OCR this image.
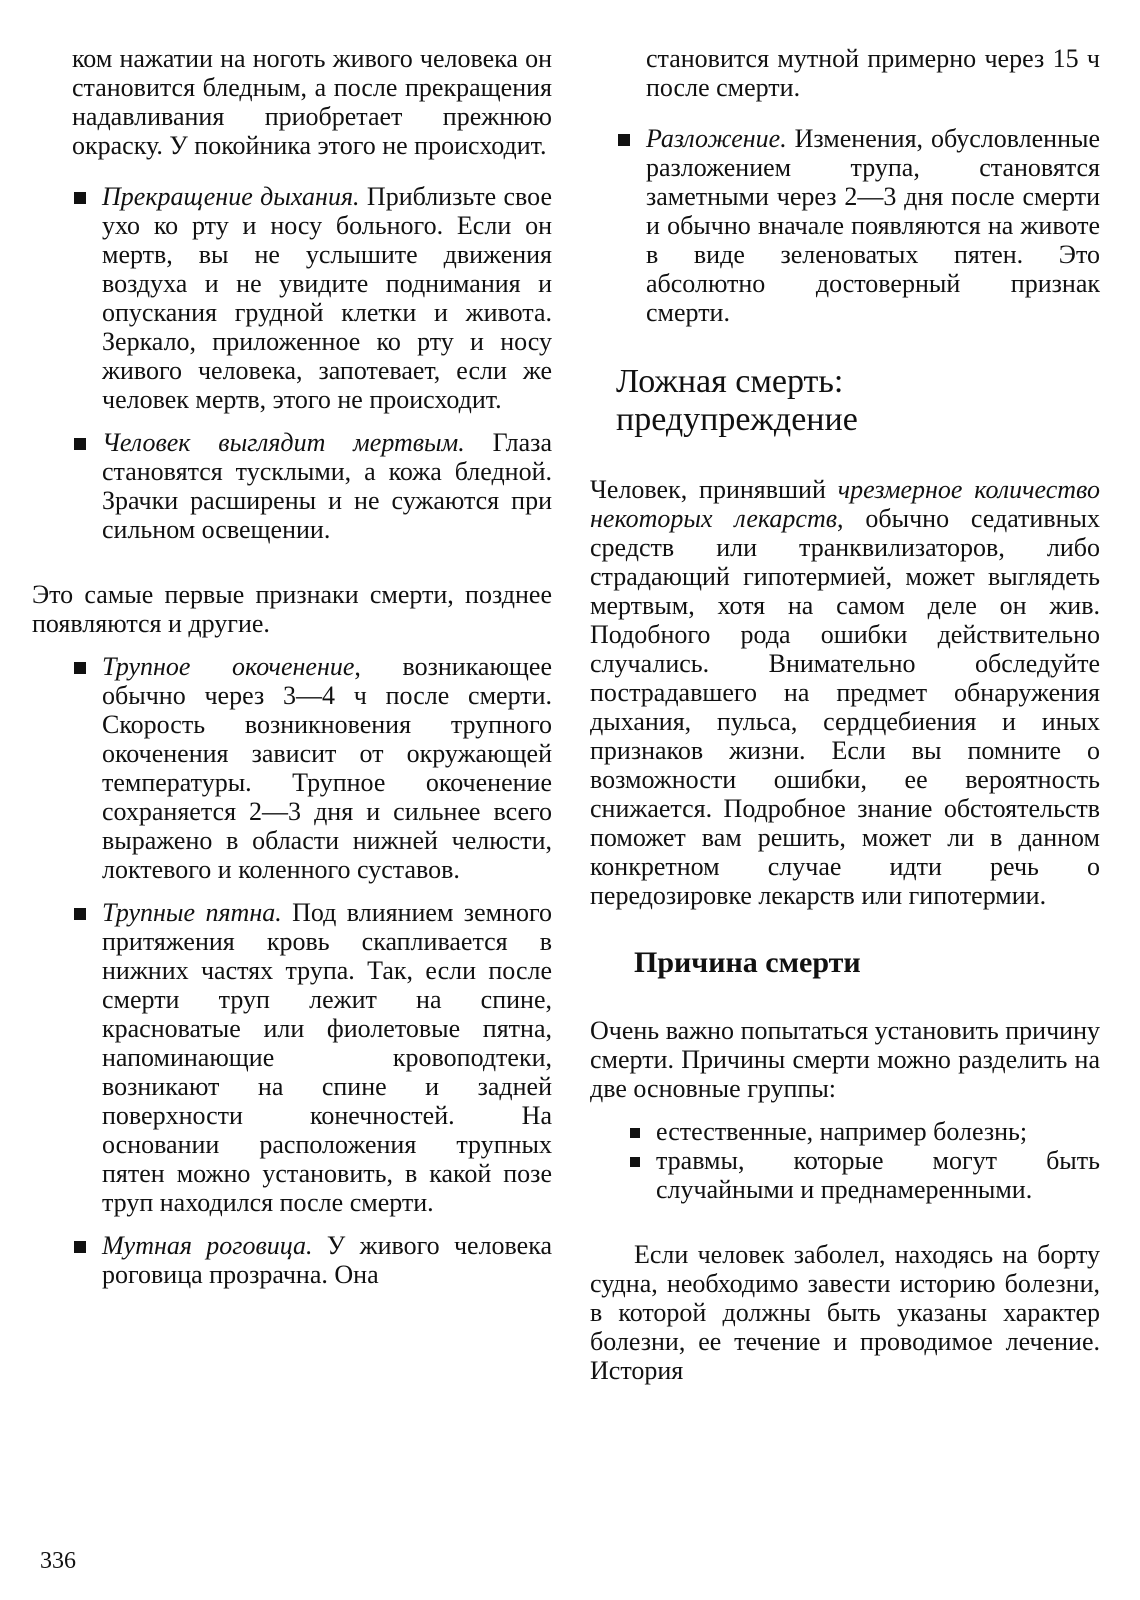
ком нажатии на ноготь живого человека он становится бледным, а после прекращения надавливания приобретает прежнюю окраску. У покойника этого не происходит.

Прекращение дыхания. Приблизьте свое ухо ко рту и носу больного. Если он мертв, вы не услышите движения воздуха и не увидите поднимания и опускания грудной клетки и живота. Зеркало, приложенное ко рту и носу живого человека, запотевает, если же человек мертв, этого не происходит.
Человек выглядит мертвым. Глаза становятся тусклыми, а кожа бледной. Зрачки расширены и не сужаются при сильном освещении.

Это самые первые признаки смерти, позднее появляются и другие.

Трупное окоченение, возникающее обычно через 3—4 ч после смерти. Скорость возникновения трупного окоченения зависит от окружающей температуры. Трупное окоченение сохраняется 2—3 дня и сильнее всего выражено в области нижней челюсти, локтевого и коленного суставов.
Трупные пятна. Под влиянием земного притяжения кровь скапливается в нижних частях трупа. Так, если после смерти труп лежит на спине, красноватые или фиолетовые пятна, напоминающие кровоподтеки, возникают на спине и задней поверхности конечностей. На основании расположения трупных пятен можно установить, в какой позе труп находился после смерти.
Мутная роговица. У живого человека роговица прозрачна. Она

становится мутной примерно через 15 ч после смерти.

Разложение. Изменения, обусловленные разложением трупа, становятся заметными через 2—3 дня после смерти и обычно вначале появляются на животе в виде зеленоватых пятен. Это абсолютно достоверный признак смерти.
Ложная смерть: предупреждение

Человек, принявший чрезмерное количество некоторых лекарств, обычно седативных средств или транквилизаторов, либо страдающий гипотермией, может выглядеть мертвым, хотя на самом деле он жив. Подобного рода ошибки действительно случались. Внимательно обследуйте пострадавшего на предмет обнаружения дыхания, пульса, сердцебиения и иных признаков жизни. Если вы помните о возможности ошибки, ее вероятность снижается. Подробное знание обстоятельств поможет вам решить, может ли в данном конкретном случае идти речь о передозировке лекарств или гипотермии.

Причина смерти

Очень важно попытаться установить причину смерти. Причины смерти можно разделить на две основные группы:

естественные, например болезнь;
травмы, которые могут быть случайными и преднамеренными.

Если человек заболел, находясь на борту судна, необходимо завести историю болезни, в которой должны быть указаны характер болезни, ее течение и проводимое лечение. История

336
